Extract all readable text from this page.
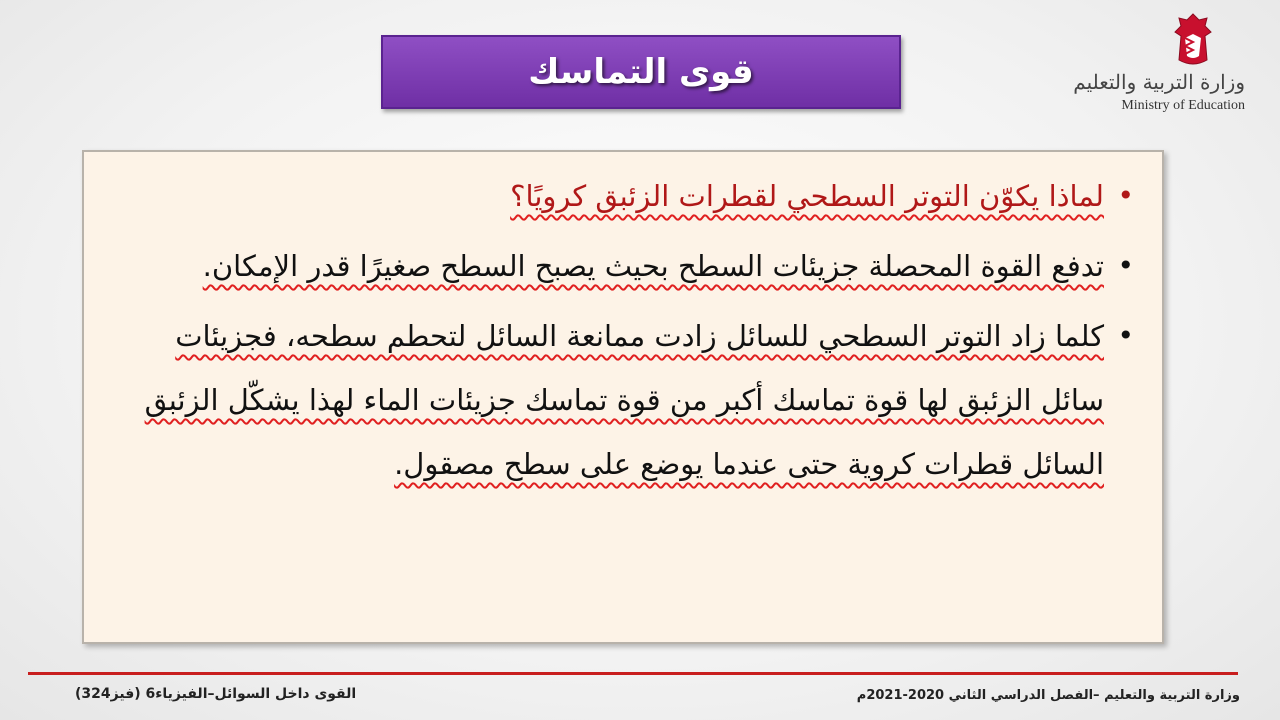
قوى التماسك	وزارة التربية والتعليم
Ministry of Education
• لماذا يكوّن التوتر السطحي لقطرات الزئبق كرويًا؟
• تدفع القوة المحصلة جزيئات السطح بحيث يصبح السطح صغيرًا قدر الإمكان.
• كلما زاد التوتر السطحي للسائل زادت ممانعة السائل لتحطم سطحه، فجزيئات سائل الزئبق لها قوة تماسك أكبر من قوة تماسك جزيئات الماء لهذا يشكّل الزئبق السائل قطرات كروية حتى عندما يوضع على سطح مصقول.
وزارة التربية والتعليم –الفصل الدراسي الثاني 2020-2021م
القوى داخل السوائل–الفيزياء6 (فيز324)
